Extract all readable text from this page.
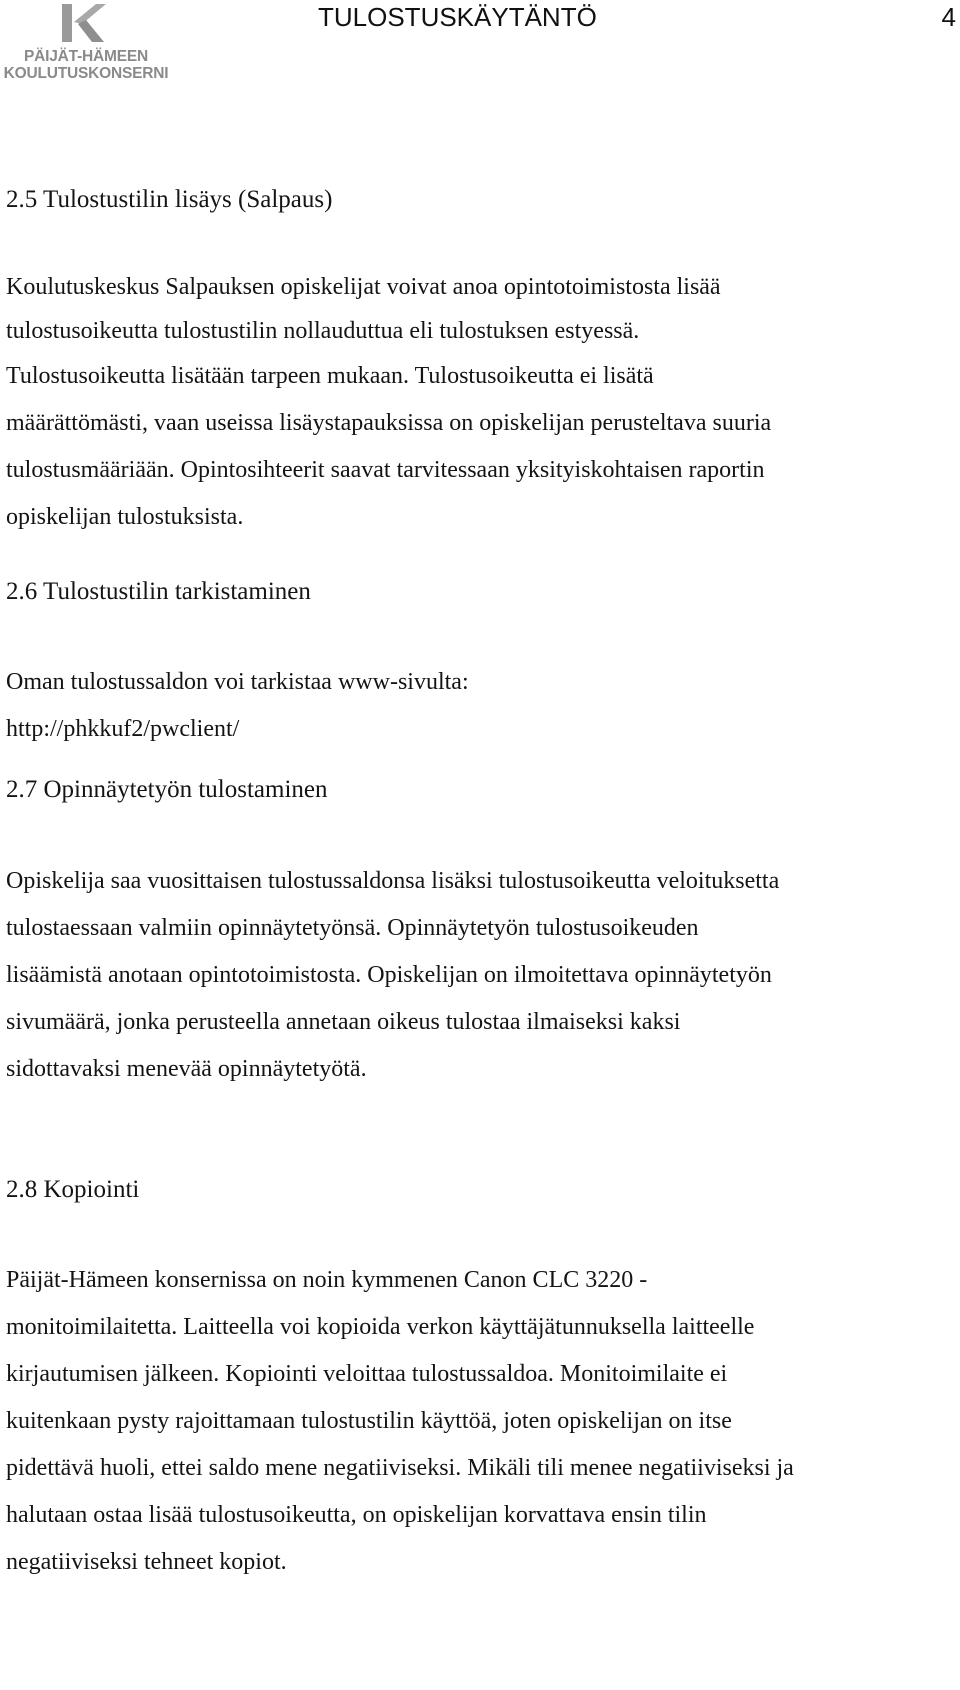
PÄIJÄT-HÄMEEN
KOULUTUSKONSERNI
TULOSTUSKÄYTÄNTÖ	4
2.5 Tulostustilin lisäys (Salpaus)
Koulutuskeskus Salpauksen opiskelijat voivat anoa opintotoimistosta lisää
tulostusoikeutta tulostustilin nollauduttua eli tulostuksen estyessä.
Tulostusoikeutta lisätään tarpeen mukaan. Tulostusoikeutta ei lisätä
määrättömästi, vaan useissa lisäystapauksissa on opiskelijan perusteltava suuria
tulostusmääriään. Opintosihteerit saavat tarvitessaan yksityiskohtaisen raportin
opiskelijan tulostuksista.
2.6 Tulostustilin tarkistaminen
Oman tulostussaldon voi tarkistaa www-sivulta:
http://phkkuf2/pwclient/
2.7 Opinnäytetyön tulostaminen
Opiskelija saa vuosittaisen tulostussaldonsa lisäksi tulostusoikeutta veloituksetta
tulostaessaan valmiin opinnäytetyönsä. Opinnäytetyön tulostusoikeuden
lisäämistä anotaan opintotoimistosta. Opiskelijan on ilmoitettava opinnäytetyön
sivumäärä, jonka perusteella annetaan oikeus tulostaa ilmaiseksi kaksi
sidottavaksi menevää opinnäytetyötä.
2.8 Kopiointi
Päijät-Hämeen konsernissa on noin kymmenen Canon CLC 3220 -
monitoimilaitetta. Laitteella voi kopioida verkon käyttäjätunnuksella laitteelle
kirjautumisen jälkeen. Kopiointi veloittaa tulostussaldoa. Monitoimilaite ei
kuitenkaan pysty rajoittamaan tulostustilin käyttöä, joten opiskelijan on itse
pidettävä huoli, ettei saldo mene negatiiviseksi. Mikäli tili menee negatiiviseksi ja
halutaan ostaa lisää tulostusoikeutta, on opiskelijan korvattava ensin tilin
negatiiviseksi tehneet kopiot.
